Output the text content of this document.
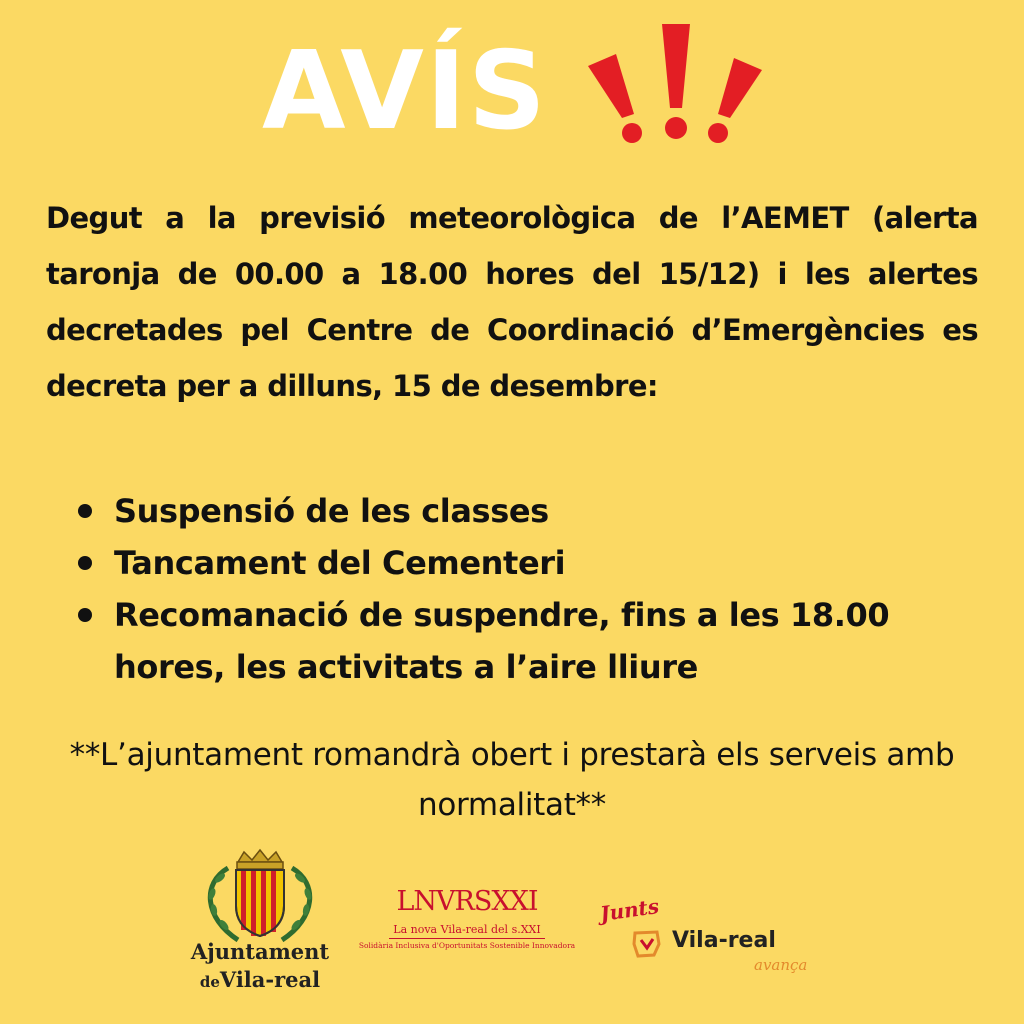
AVÍS
Degut a la previsió meteorològica de l’AEMET (alerta taronja de 00.00 a 18.00 hores del 15/12) i les alertes decretades pel Centre de Coordinació d’Emergències es decreta per a dilluns, 15 de desembre:
Suspensió de les classes
Tancament del Cementeri
Recomanació de suspendre, fins a les 18.00 hores, les activitats a l’aire lliure
**L’ajuntament romandrà obert i prestarà els serveis amb normalitat**
Ajuntament
deVila-real
LNVRSXXI
La nova Vila-real del s.XXI
Solidària Inclusiva d'Oportunitats Sostenible Innovadora
Junts
Vila-real
avança
